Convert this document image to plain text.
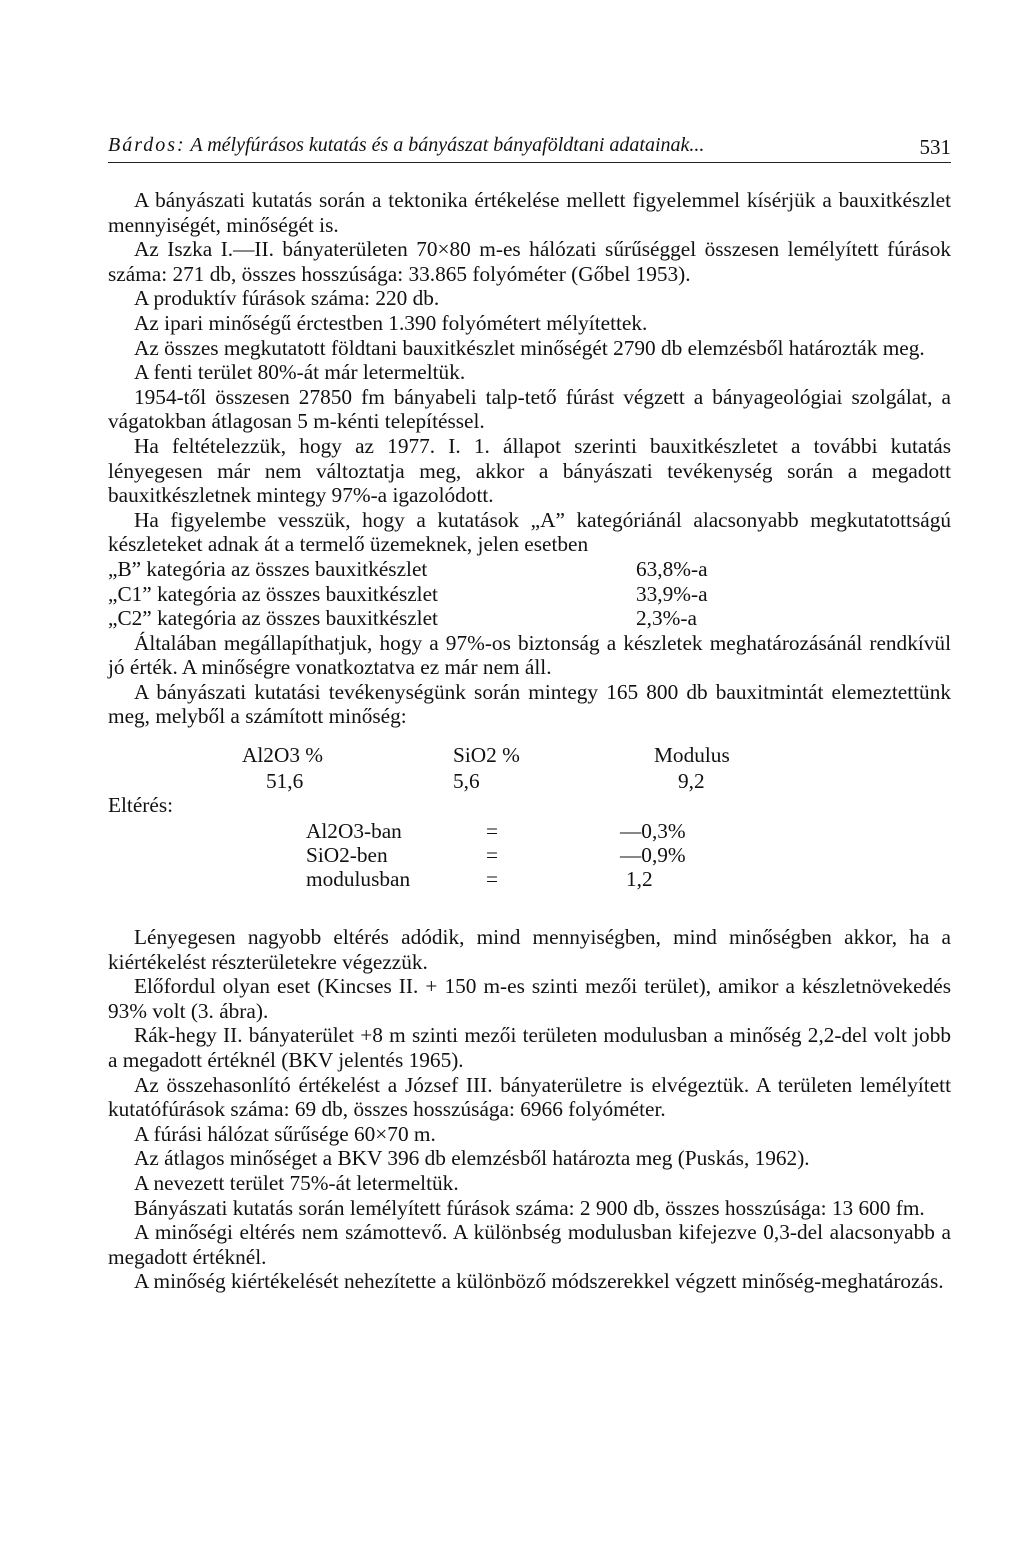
Bárdos: A mélyfúrásos kutatás és a bányászat bányaföldtani adatainak...	531

A bányászati kutatás során a tektonika értékelése mellett figyelemmel kísérjük a bauxitkészlet mennyiségét, minőségét is.

Az Iszka I.—II. bányaterületen 70×80 m-es hálózati sűrűséggel összesen lemélyített fúrások száma: 271 db, összes hosszúsága: 33.865 folyóméter (Gőbel 1953).

A produktív fúrások száma: 220 db.

Az ipari minőségű érctestben 1.390 folyómétert mélyítettek.

Az összes megkutatott földtani bauxitkészlet minőségét 2790 db elemzésből határozták meg.

A fenti terület 80%-át már letermeltük.

1954-től összesen 27850 fm bányabeli talp-tető fúrást végzett a bányageológiai szolgálat, a vágatokban átlagosan 5 m-kénti telepítéssel.

Ha feltételezzük, hogy az 1977. I. 1. állapot szerinti bauxitkészletet a további kutatás lényegesen már nem változtatja meg, akkor a bányászati tevékenység során a megadott bauxitkészletnek mintegy 97%-a igazolódott.

Ha figyelembe vesszük, hogy a kutatások „A” kategóriánál alacsonyabb megkutatottságú készleteket adnak át a termelő üzemeknek, jelen esetben

„B” kategória az összes bauxitkészlet	63,8%-a
„C1” kategória az összes bauxitkészlet	33,9%-a
„C2” kategória az összes bauxitkészlet	2,3%-a

Általában megállapíthatjuk, hogy a 97%-os biztonság a készletek meghatározásánál rendkívül jó érték. A minőségre vonatkoztatva ez már nem áll.

A bányászati kutatási tevékenységünk során mintegy 165 800 db bauxitmintát elemeztettünk meg, melyből a számított minőség:

Al2O3 %	SiO2 %	Modulus
51,6	5,6	9,2
Eltérés:
Al2O3-ban	=	—0,3%
SiO2-ben	=	—0,9%
modulusban	=	1,2

Lényegesen nagyobb eltérés adódik, mind mennyiségben, mind minőségben akkor, ha a kiértékelést részterületekre végezzük.

Előfordul olyan eset (Kincses II. + 150 m-es szinti mezői terület), amikor a készletnövekedés 93% volt (3. ábra).

Rák-hegy II. bányaterület +8 m szinti mezői területen modulusban a minőség 2,2-del volt jobb a megadott értéknél (BKV jelentés 1965).

Az összehasonlító értékelést a József III. bányaterületre is elvégeztük. A területen lemélyített kutatófúrások száma: 69 db, összes hosszúsága: 6966 folyóméter.

A fúrási hálózat sűrűsége 60×70 m.

Az átlagos minőséget a BKV 396 db elemzésből határozta meg (Puskás, 1962).

A nevezett terület 75%-át letermeltük.

Bányászati kutatás során lemélyített fúrások száma: 2 900 db, összes hosszúsága: 13 600 fm.

A minőségi eltérés nem számottevő. A különbség modulusban kifejezve 0,3-del alacsonyabb a megadott értéknél.

A minőség kiértékelését nehezítette a különböző módszerekkel végzett minőség-meghatározás.
